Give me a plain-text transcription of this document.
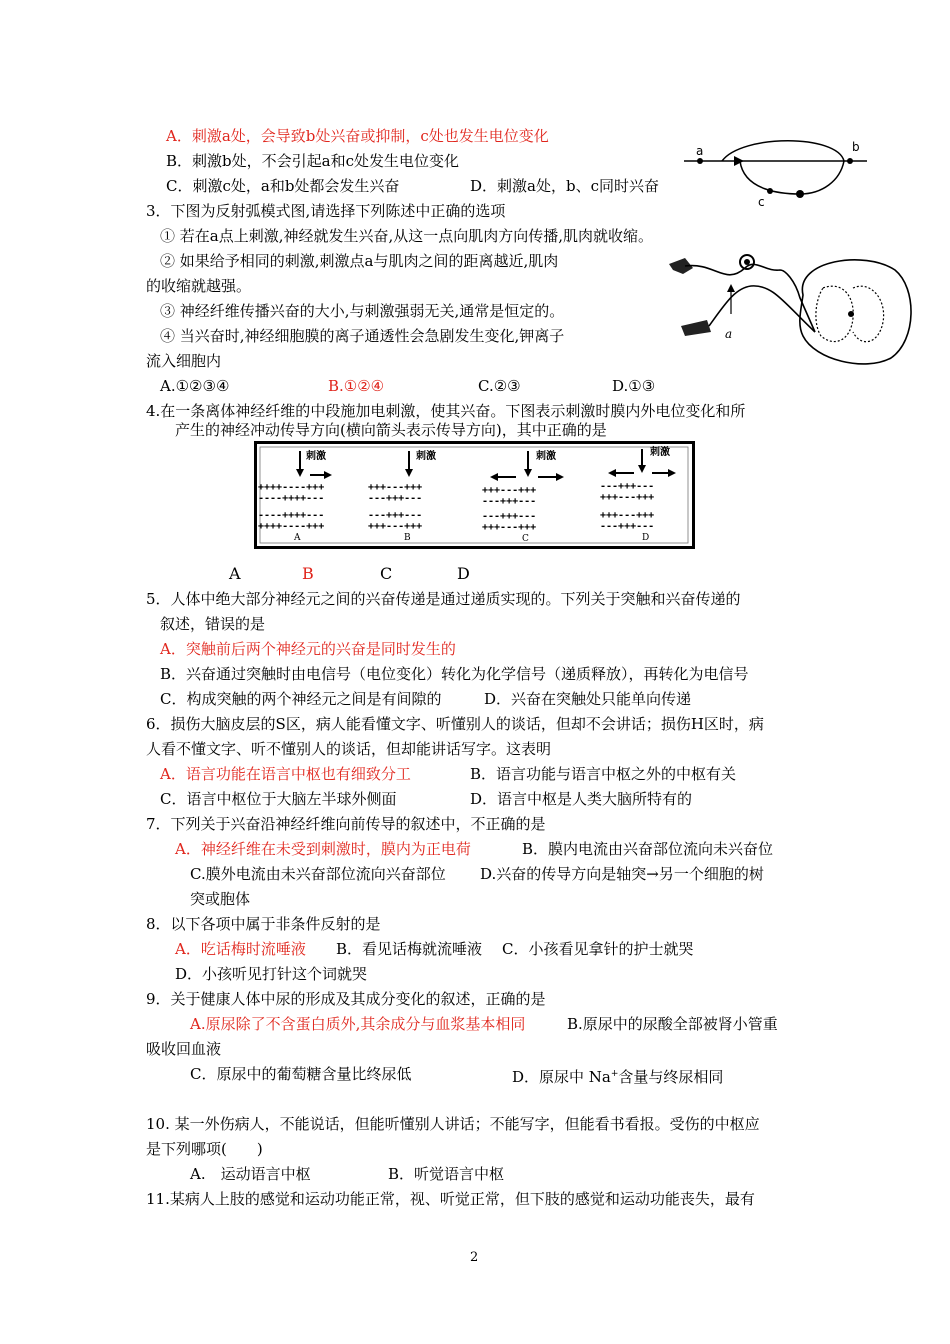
A．刺激a处，会导致b处兴奋或抑制，c处也发生电位变化
B．刺激b处，不会引起a和c处发生电位变化
C．刺激c处，a和b处都会发生兴奋	D．刺激a处，b、c同时兴奋
a	b
c
3．下图为反射弧模式图,请选择下列陈述中正确的选项
① 若在a点上刺激,神经就发生兴奋,从这一点向肌肉方向传播,肌肉就收缩。
② 如果给予相同的刺激,刺激点a与肌肉之间的距离越近,肌肉
的收缩就越强。
③ 神经纤维传播兴奋的大小,与刺激强弱无关,通常是恒定的。
④ 当兴奋时,神经细胞膜的离子通透性会急剧发生变化,钾离子
流入细胞内
A.①②③④	B.①②④	C.②③	D.①③
a
4.在一条离体神经纤维的中段施加电刺激，使其兴奋。下图表示刺激时膜内外电位变化和所
产生的神经冲动传导方向(横向箭头表示传导方向)，其中正确的是
刺激
++++----+++
----++++---
----++++---
++++----+++
A
刺激
+++---+++
---+++---
---+++---
+++---+++
B
刺激
+++---+++
---+++---
---+++---
+++---+++
C
刺激
---+++---
+++---+++
+++---+++
---+++---
D
A	B	C	D
5．人体中绝大部分神经元之间的兴奋传递是通过递质实现的。下列关于突触和兴奋传递的
叙述，错误的是
A．突触前后两个神经元的兴奋是同时发生的
B．兴奋通过突触时由电信号（电位变化）转化为化学信号（递质释放），再转化为电信号
C．构成突触的两个神经元之间是有间隙的	D．兴奋在突触处只能单向传递
6．损伤大脑皮层的S区，病人能看懂文字、听懂别人的谈话，但却不会讲话；损伤H区时，病
人看不懂文字、听不懂别人的谈话，但却能讲话写字。这表明
A．语言功能在语言中枢也有细致分工	B．语言功能与语言中枢之外的中枢有关
C．语言中枢位于大脑左半球外侧面	D．语言中枢是人类大脑所特有的
7．下列关于兴奋沿神经纤维向前传导的叙述中，不正确的是
A．神经纤维在未受到刺激时，膜内为正电荷	B．膜内电流由兴奋部位流向未兴奋位
C.膜外电流由未兴奋部位流向兴奋部位 D.兴奋的传导方向是轴突→另一个细胞的树
突或胞体
8．以下各项中属于非条件反射的是
A．吃话梅时流唾液 B．看见话梅就流唾液 C．小孩看见拿针的护士就哭
D．小孩听见打针这个词就哭
9．关于健康人体中尿的形成及其成分变化的叙述，正确的是
A.原尿除了不含蛋白质外,其余成分与血浆基本相同	B.原尿中的尿酸全部被肾小管重
吸收回血液
C．原尿中的葡萄糖含量比终尿低	D．原尿中 Na+含量与终尿相同
10. 某一外伤病人，不能说话，但能听懂别人讲话；不能写字，但能看书看报。受伤的中枢应
是下列哪项(　　)
A.　运动语言中枢	B．听觉语言中枢
11.某病人上肢的感觉和运动功能正常，视、听觉正常，但下肢的感觉和运动功能丧失，最有
2
